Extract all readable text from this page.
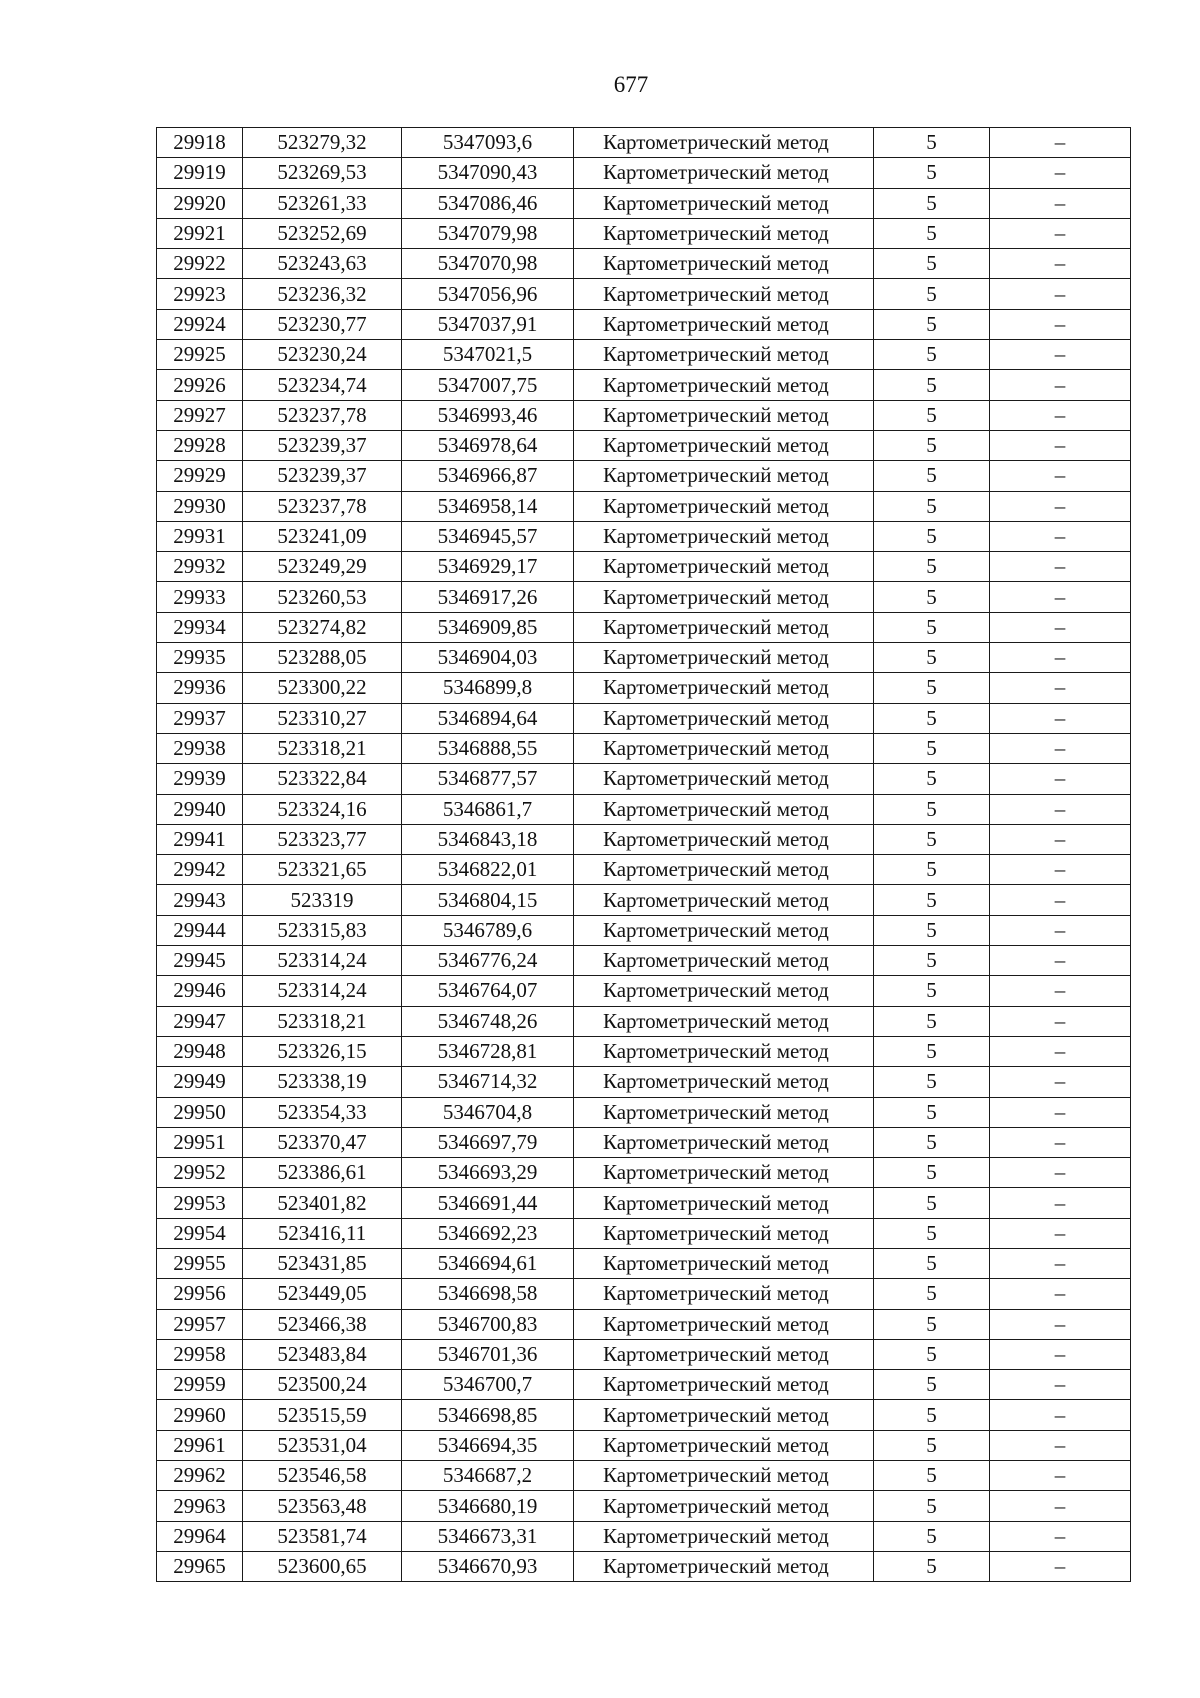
677
29918	523279,32	5347093,6	Картометрический метод	5	–
29919	523269,53	5347090,43	Картометрический метод	5	–
29920	523261,33	5347086,46	Картометрический метод	5	–
29921	523252,69	5347079,98	Картометрический метод	5	–
29922	523243,63	5347070,98	Картометрический метод	5	–
29923	523236,32	5347056,96	Картометрический метод	5	–
29924	523230,77	5347037,91	Картометрический метод	5	–
29925	523230,24	5347021,5	Картометрический метод	5	–
29926	523234,74	5347007,75	Картометрический метод	5	–
29927	523237,78	5346993,46	Картометрический метод	5	–
29928	523239,37	5346978,64	Картометрический метод	5	–
29929	523239,37	5346966,87	Картометрический метод	5	–
29930	523237,78	5346958,14	Картометрический метод	5	–
29931	523241,09	5346945,57	Картометрический метод	5	–
29932	523249,29	5346929,17	Картометрический метод	5	–
29933	523260,53	5346917,26	Картометрический метод	5	–
29934	523274,82	5346909,85	Картометрический метод	5	–
29935	523288,05	5346904,03	Картометрический метод	5	–
29936	523300,22	5346899,8	Картометрический метод	5	–
29937	523310,27	5346894,64	Картометрический метод	5	–
29938	523318,21	5346888,55	Картометрический метод	5	–
29939	523322,84	5346877,57	Картометрический метод	5	–
29940	523324,16	5346861,7	Картометрический метод	5	–
29941	523323,77	5346843,18	Картометрический метод	5	–
29942	523321,65	5346822,01	Картометрический метод	5	–
29943	523319	5346804,15	Картометрический метод	5	–
29944	523315,83	5346789,6	Картометрический метод	5	–
29945	523314,24	5346776,24	Картометрический метод	5	–
29946	523314,24	5346764,07	Картометрический метод	5	–
29947	523318,21	5346748,26	Картометрический метод	5	–
29948	523326,15	5346728,81	Картометрический метод	5	–
29949	523338,19	5346714,32	Картометрический метод	5	–
29950	523354,33	5346704,8	Картометрический метод	5	–
29951	523370,47	5346697,79	Картометрический метод	5	–
29952	523386,61	5346693,29	Картометрический метод	5	–
29953	523401,82	5346691,44	Картометрический метод	5	–
29954	523416,11	5346692,23	Картометрический метод	5	–
29955	523431,85	5346694,61	Картометрический метод	5	–
29956	523449,05	5346698,58	Картометрический метод	5	–
29957	523466,38	5346700,83	Картометрический метод	5	–
29958	523483,84	5346701,36	Картометрический метод	5	–
29959	523500,24	5346700,7	Картометрический метод	5	–
29960	523515,59	5346698,85	Картометрический метод	5	–
29961	523531,04	5346694,35	Картометрический метод	5	–
29962	523546,58	5346687,2	Картометрический метод	5	–
29963	523563,48	5346680,19	Картометрический метод	5	–
29964	523581,74	5346673,31	Картометрический метод	5	–
29965	523600,65	5346670,93	Картометрический метод	5	–
